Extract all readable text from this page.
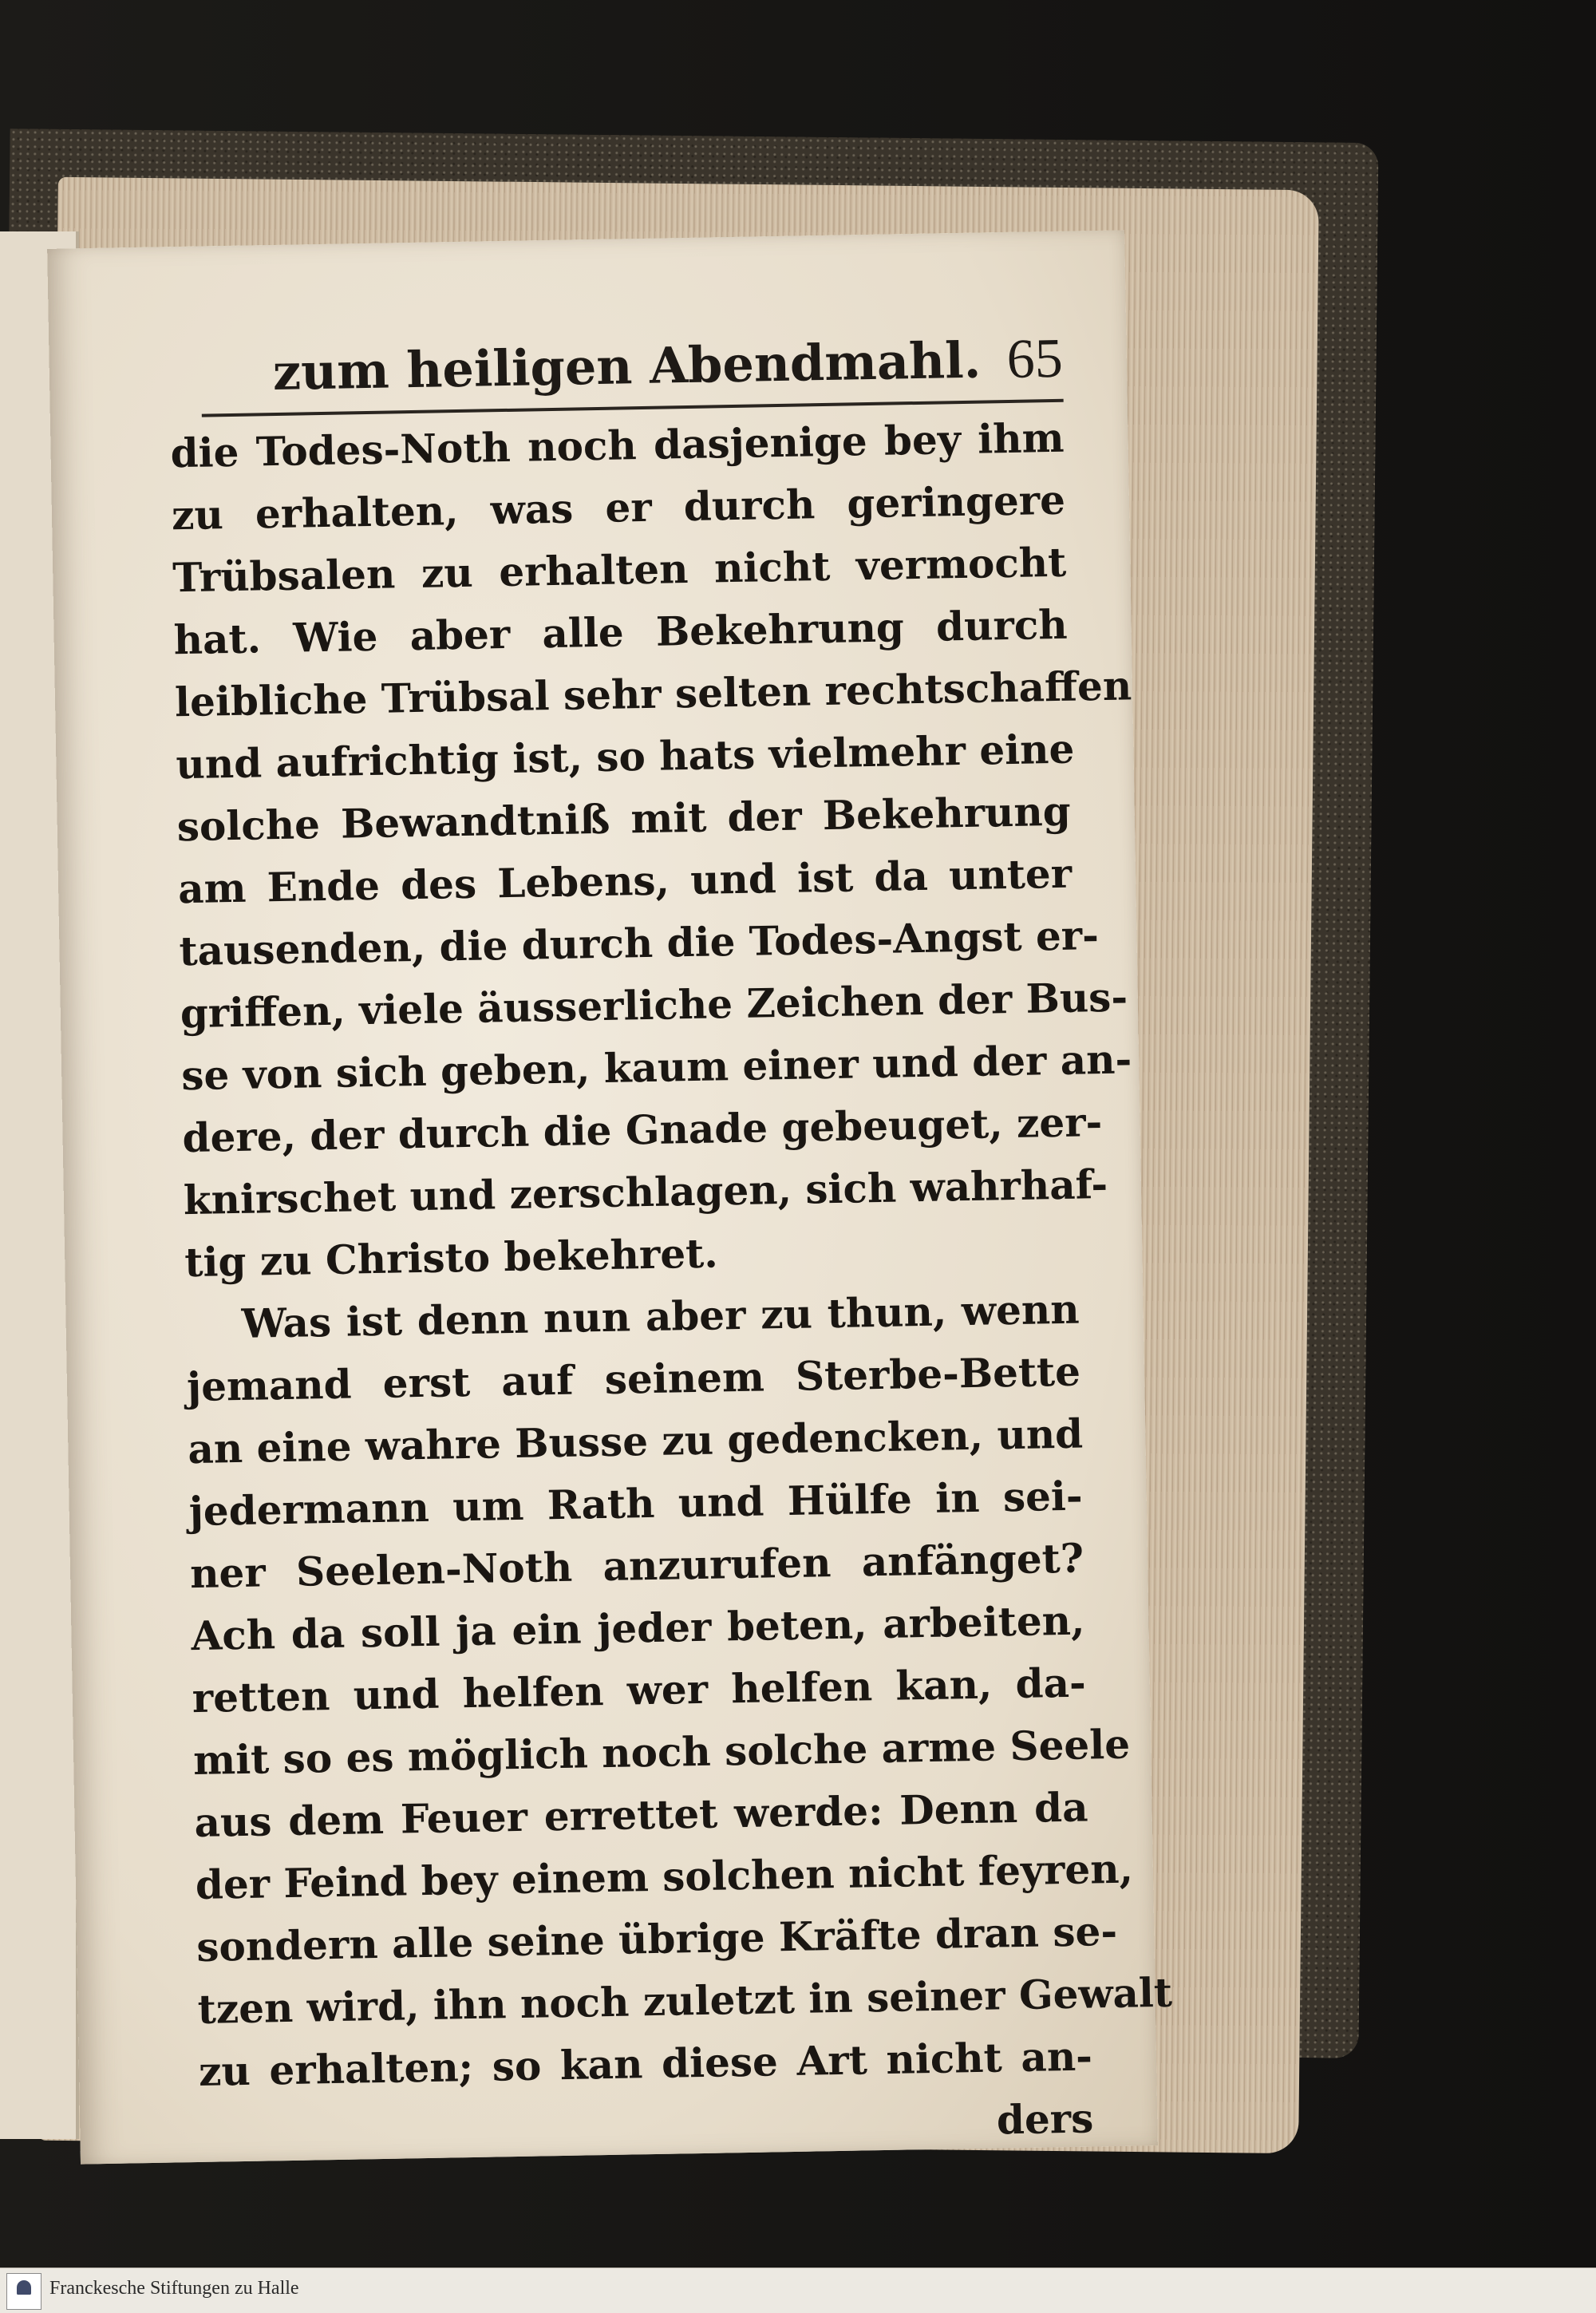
zum heiligen Abendmahl. 65
die Todes-Noth noch dasjenige bey ihm
zu erhalten, was er durch geringere
Trübsalen zu erhalten nicht vermocht
hat. Wie aber alle Bekehrung durch
leibliche Trübsal sehr selten rechtschaffen
und aufrichtig ist, so hats vielmehr eine
solche Bewandtniß mit der Bekehrung
am Ende des Lebens, und ist da unter
tausenden, die durch die Todes-Angst er-
griffen, viele äusserliche Zeichen der Bus-
se von sich geben, kaum einer und der an-
dere, der durch die Gnade gebeuget, zer-
knirschet und zerschlagen, sich wahrhaf-
tig zu Christo bekehret.
Was ist denn nun aber zu thun, wenn
jemand erst auf seinem Sterbe-Bette
an eine wahre Busse zu gedencken, und
jedermann um Rath und Hülfe in sei-
ner Seelen-Noth anzurufen anfänget?
Ach da soll ja ein jeder beten, arbeiten,
retten und helfen wer helfen kan, da-
mit so es möglich noch solche arme Seele
aus dem Feuer errettet werde: Denn da
der Feind bey einem solchen nicht feyren,
sondern alle seine übrige Kräfte dran se-
tzen wird, ihn noch zuletzt in seiner Gewalt
zu erhalten; so kan diese Art nicht an-
ders
Franckesche Stiftungen zu Halle
